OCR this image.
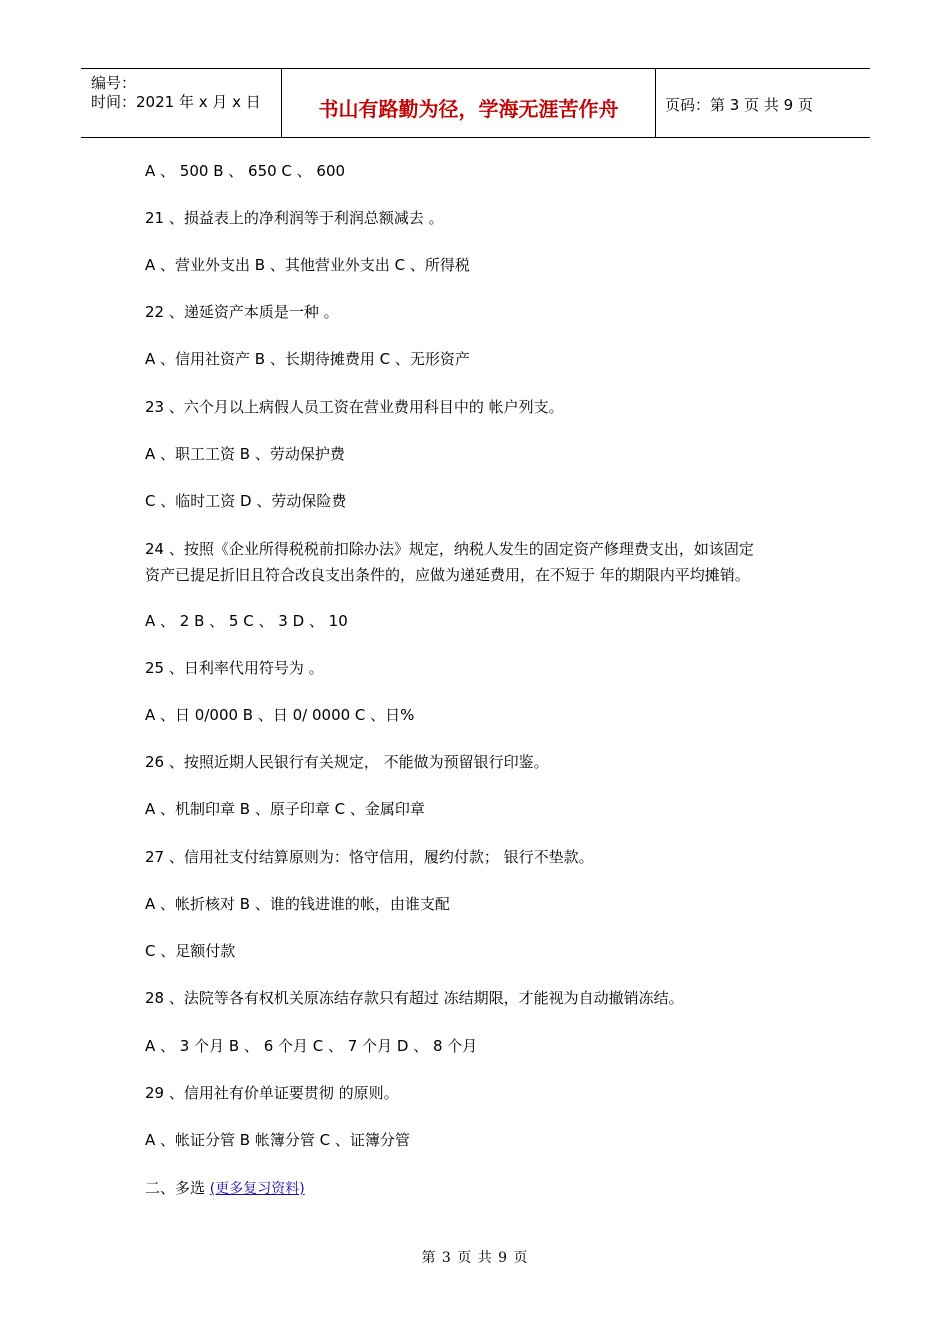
编号：
时间：2021 年 x 月 x 日	书山有路勤为径，学海无涯苦作舟	页码：第 3 页 共 9 页
A 、 500 B 、 650 C 、 600
21 、损益表上的净利润等于利润总额减去 。
A 、营业外支出 B 、其他营业外支出 C 、所得税
22 、递延资产本质是一种 。
A 、信用社资产 B 、长期待摊费用 C 、无形资产
23 、六个月以上病假人员工资在营业费用科目中的 帐户列支。
A 、职工工资 B 、劳动保护费
C 、临时工资 D 、劳动保险费
24 、按照《企业所得税税前扣除办法》规定，纳税人发生的固定资产修理费支出，如该固定
资产已提足折旧且符合改良支出条件的，应做为递延费用，在不短于 年的期限内平均摊销。
A 、 2 B 、 5 C 、 3 D 、 10
25 、日利率代用符号为 。
A 、日 0/000 B 、日 0/ 0000 C 、日%
26 、按照近期人民银行有关规定， 不能做为预留银行印鉴。
A 、机制印章 B 、原子印章 C 、金属印章
27 、信用社支付结算原则为：恪守信用，履约付款； 银行不垫款。
A 、帐折核对 B 、谁的钱进谁的帐，由谁支配
C 、足额付款
28 、法院等各有权机关原冻结存款只有超过 冻结期限，才能视为自动撤销冻结。
A 、 3 个月 B 、 6 个月 C 、 7 个月 D 、 8 个月
29 、信用社有价单证要贯彻 的原则。
A 、帐证分管 B 帐簿分管 C 、证簿分管
二、多选 (更多复习资料)
第 3 页 共 9 页
